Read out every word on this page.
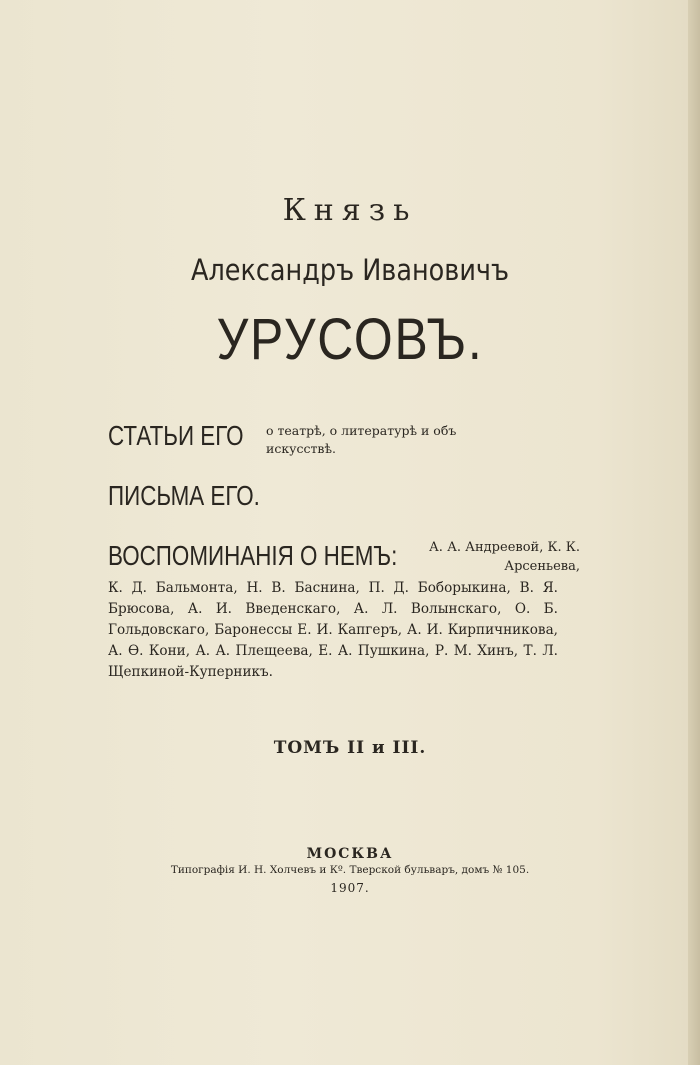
Князь
Александръ Ивановичъ
УРУСОВЪ.
СТАТЬИ ЕГО о театрѣ, о литературѣ и объ искусствѣ.
ПИСЬМА ЕГО.
ВОСПОМИНАНІЯ О НЕМЪ:	А. А. Андреевой, К. К. Арсеньева,
К. Д. Бальмонта, Н. В. Баснина, П. Д. Боборыкина, В. Я. Брюсова, А. И. Введенскаго, А. Л. Волынскаго, О. Б. Гольдовскаго, Баронессы Е. И. Капгеръ, А. И. Кирпичникова, А. Ѳ. Кони, А. А. Плещеева, Е. А. Пушкина, Р. М. Хинъ, Т. Л. Щепкиной-Куперникъ.
ТОМЪ II и III.
МОСКВА
Типографія И. Н. Холчевъ и Кº. Тверской бульваръ, домъ № 105.
1907.
